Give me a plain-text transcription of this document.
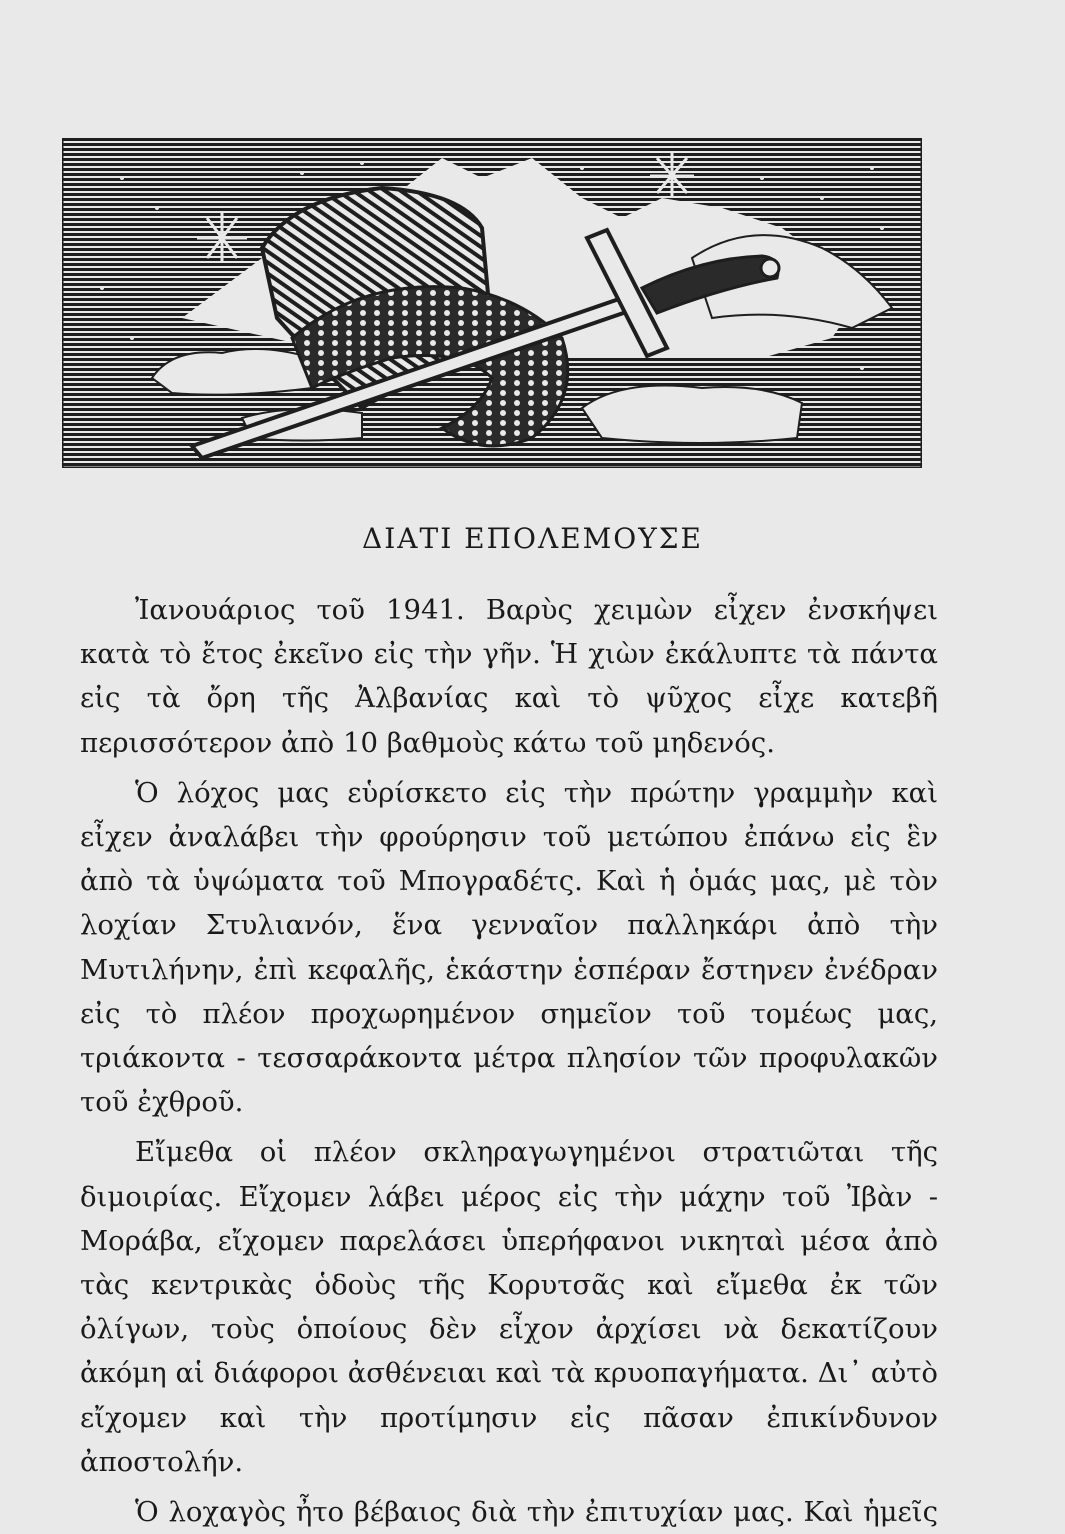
ΔΙΑΤΙ ΕΠΟΛΕΜΟΥΣΕ

Ἰανουάριος τοῦ 1941. Βαρὺς χειμὼν εἶχεν ἐνσκήψει κατὰ τὸ ἔτος ἐκεῖνο εἰς τὴν γῆν. Ἡ χιὼν ἐκάλυπτε τὰ πάντα εἰς τὰ ὄρη τῆς Ἀλβανίας καὶ τὸ ψῦχος εἶχε κατεβῆ περισσότερον ἀπὸ 10 βαθμοὺς κάτω τοῦ μηδενός.

Ὁ λόχος μας εὑρίσκετο εἰς τὴν πρώτην γραμμὴν καὶ εἶχεν ἀναλάβει τὴν φρούρησιν τοῦ μετώπου ἐπάνω εἰς ἓν ἀπὸ τὰ ὑψώματα τοῦ Μπογραδέτς. Καὶ ἡ ὁμάς μας, μὲ τὸν λοχίαν Στυλιανόν, ἕνα γενναῖον παλληκάρι ἀπὸ τὴν Μυτιλήνην, ἐπὶ κεφαλῆς, ἑκάστην ἑσπέραν ἔστηνεν ἐνέδραν εἰς τὸ πλέον προχωρημένον σημεῖον τοῦ τομέως μας, τριάκοντα - τεσσαράκοντα μέτρα πλησίον τῶν προφυλακῶν τοῦ ἐχθροῦ.

Εἴμεθα οἱ πλέον σκληραγωγημένοι στρατιῶται τῆς διμοιρίας. Εἴχομεν λάβει μέρος εἰς τὴν μάχην τοῦ Ἰβὰν - Μοράβα, εἴχομεν παρελάσει ὑπερήφανοι νικηταὶ μέσα ἀπὸ τὰς κεντρικὰς ὁδοὺς τῆς Κορυτσᾶς καὶ εἴμεθα ἐκ τῶν ὀλίγων, τοὺς ὁποίους δὲν εἶχον ἀρχίσει νὰ δεκατίζουν ἀκόμη αἱ διάφοροι ἀσθένειαι καὶ τὰ κρυοπαγήματα. Δι᾽ αὐτὸ εἴχομεν καὶ τὴν προτίμησιν εἰς πᾶσαν ἐπικίνδυνον ἀποστολήν.

Ὁ λοχαγὸς ἦτο βέβαιος διὰ τὴν ἐπιτυχίαν μας. Καὶ ἡμεῖς
